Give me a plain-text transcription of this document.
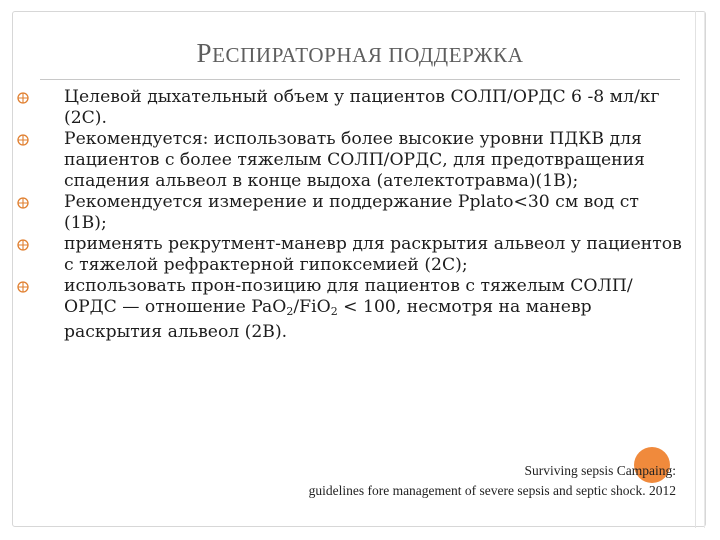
РЕСПИРАТОРНАЯ ПОДДЕРЖКА
Целевой дыхательный объем у пациентов СОЛП/ОРДС 6 -8 мл/кг (2С).
Рекомендуется: использовать более высокие уровни ПДКВ для пациентов с более тяжелым СОЛП/ОРДС, для предотвращения спадения альвеол в конце выдоха (ателектотравма)(1В);
Рекомендуется измерение и поддержание Pplato<30 см вод ст (1В);
применять рекрутмент-маневр для раскрытия альвеол у пациентов с тяжелой рефрактерной гипоксемией (2С);
использовать прон-позицию для пациентов с тяжелым СОЛП/ОРДС — отношение PaO$_2$/FiO$_2$ < 100, несмотря на маневр раскрытия альвеол (2В).
Surviving sepsis Campaing:
guidelines fore management of severe sepsis and septic shock. 2012
